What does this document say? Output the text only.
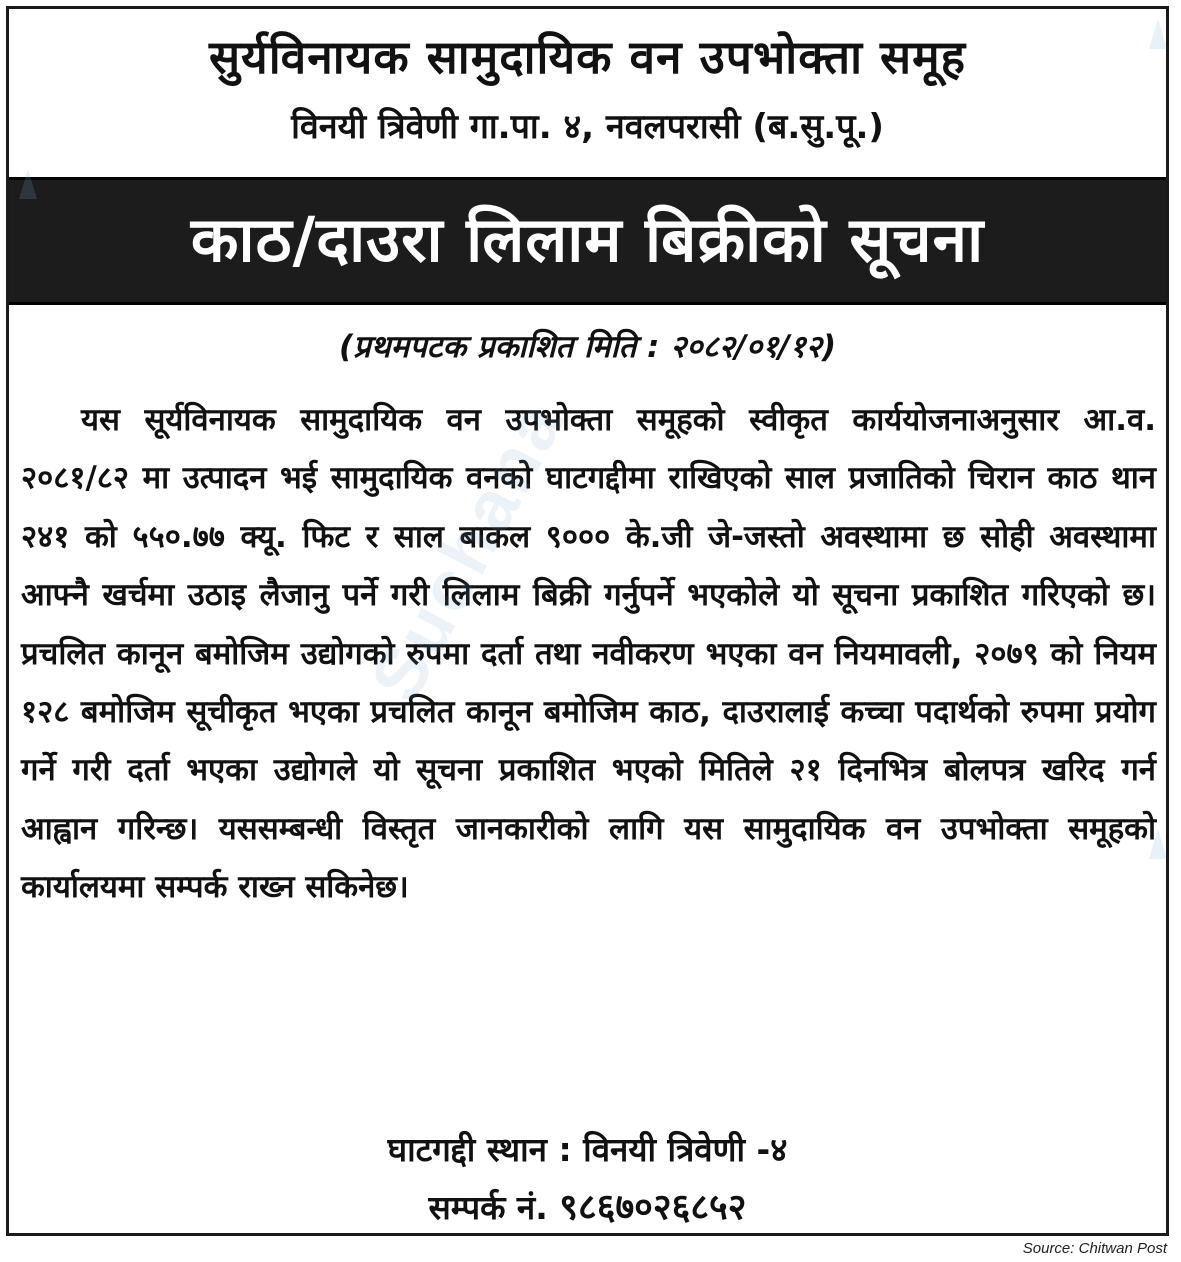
सुर्यविनायक सामुदायिक वन उपभोक्ता समूह
विनयी त्रिवेणी गा.पा. ४, नवलपरासी (ब.सु.पू.)
काठ/दाउरा लिलाम बिक्रीको सूचना
(प्रथमपटक प्रकाशित मिति : २०८२/०१/१२)
यस सूर्यविनायक सामुदायिक वन उपभोक्ता समूहको स्वीकृत कार्ययोजनाअनुसार आ.व. २०८१/८२ मा उत्पादन भई सामुदायिक वनको घाटगद्दीमा राखिएको साल प्रजातिको चिरान काठ थान २४१ को ५५०.७७ क्यू. फिट र साल बाकल ९००० के.जी जे-जस्तो अवस्थामा छ सोही अवस्थामा आफ्नै खर्चमा उठाइ लैजानु पर्ने गरी लिलाम बिक्री गर्नुपर्ने भएकोले यो सूचना प्रकाशित गरिएको छ। प्रचलित कानून बमोजिम उद्योगको रुपमा दर्ता तथा नवीकरण भएका वन नियमावली, २०७९ को नियम १२८ बमोजिम सूचीकृत भएका प्रचलित कानून बमोजिम काठ, दाउरालाई कच्चा पदार्थको रुपमा प्रयोग गर्ने गरी दर्ता भएका उद्योगले यो सूचना प्रकाशित भएको मितिले २१ दिनभित्र बोलपत्र खरिद गर्न आह्वान गरिन्छ। यससम्बन्धी विस्तृत जानकारीको लागि यस सामुदायिक वन उपभोक्ता समूहको कार्यालयमा सम्पर्क राख्न सकिनेछ।
घाटगद्दी स्थान : विनयी त्रिवेणी -४
सम्पर्क नं. ९८६७०२६८५२
Suchana
Source: Chitwan Post
